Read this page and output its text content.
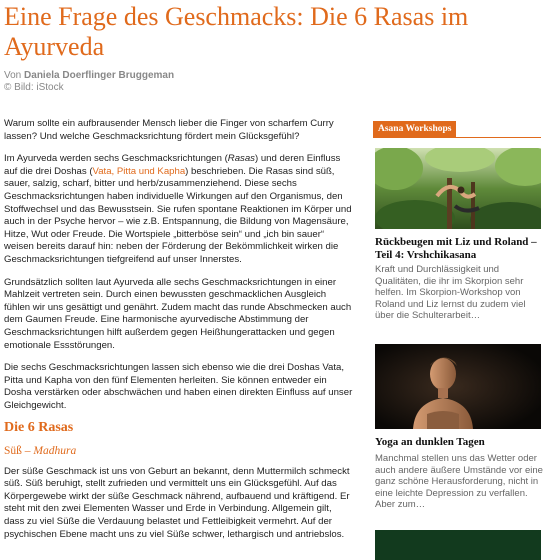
Eine Frage des Geschmacks: Die 6 Rasas im Ayurveda
Von Daniela Doerflinger Bruggeman
© Bild: iStock

Warum sollte ein aufbrausender Mensch lieber die Finger von scharfem Curry lassen? Und welche Geschmacksrichtung fördert mein Glücksgefühl?

Im Ayurveda werden sechs Geschmacksrichtungen (Rasas) und deren Einfluss auf die drei Doshas (Vata, Pitta und Kapha) beschrieben. Die Rasas sind süß, sauer, salzig, scharf, bitter und herb/zusammenziehend. Diese sechs Geschmacksrichtungen haben individuelle Wirkungen auf den Organismus, den Stoffwechsel und das Bewusstsein. Sie rufen spontane Reaktionen im Körper und auch in der Psyche hervor – wie z.B. Entspannung, die Bildung von Magensäure, Hitze, Wut oder Freude. Die Wortspiele „bitterböse sein“ und „ich bin sauer“ weisen bereits darauf hin: neben der Förderung der Bekömmlichkeit wirken die Geschmacksrichtungen tiefgreifend auf unser Innerstes.

Grundsätzlich sollten laut Ayurveda alle sechs Geschmacksrichtungen in einer Mahlzeit vertreten sein. Durch einen bewussten geschmacklichen Ausgleich fühlen wir uns gesättigt und genährt. Zudem macht das runde Abschmecken auch dem Gaumen Freude. Eine harmonische ayurvedische Abstimmung der Geschmacksrichtungen hilft außerdem gegen Heißhungerattacken und gegen emotionale Essstörungen.

Die sechs Geschmacksrichtungen lassen sich ebenso wie die drei Doshas Vata, Pitta und Kapha von den fünf Elementen herleiten. Sie können entweder ein Dosha verstärken oder abschwächen und haben einen direkten Einfluss auf unser Gleichgewicht.

Die 6 Rasas
Süß – Madhura

Der süße Geschmack ist uns von Geburt an bekannt, denn Muttermilch schmeckt süß. Süß beruhigt, stellt zufrieden und vermittelt uns ein Glücksgefühl. Auf das Körpergewebe wirkt der süße Geschmack nährend, aufbauend und kräftigend. Er steht mit den zwei Elementen Wasser und Erde in Verbindung. Allgemein gilt, dass zu viel Süße die Verdauung belastet und Fettleibigkeit vermehrt. Auf der psychischen Ebene macht uns zu viel Süße schwer, lethargisch und antriebslos.

Asana Workshops
Rückbeugen mit Liz und Roland – Teil 4: Vrshchikasana
Kraft und Durchlässigkeit und Qualitäten, die ihr im Skorpion sehr helfen. Im Skorpion-Workshop von Roland und Liz lernst du zudem viel über die Schulterarbeit…
Yoga an dunklen Tagen
Manchmal stellen uns das Wetter oder auch andere äußere Umstände vor eine ganz schöne Herausforderung, nicht in eine leichte Depression zu verfallen. Aber zum…
